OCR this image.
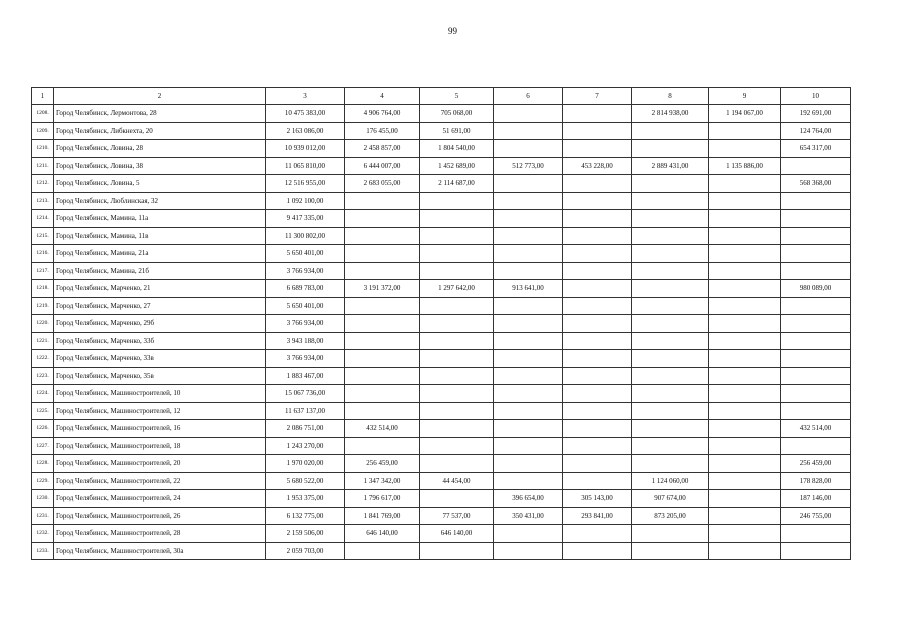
99
1	2	3	4	5	6	7	8	9	10
1208.	Город Челябинск, Лермонтова, 28	10 475 383,00	4 906 764,00	705 068,00			2 814 938,00	1 194 067,00	192 691,00
1209.	Город Челябинск, Либкнехта, 20	2 163 086,00	176 455,00	51 691,00					124 764,00
1210.	Город Челябинск, Ловина, 28	10 939 012,00	2 458 857,00	1 804 540,00					654 317,00
1211.	Город Челябинск, Ловина, 38	11 065 810,00	6 444 007,00	1 452 689,00	512 773,00	453 228,00	2 889 431,00	1 135 886,00	
1212.	Город Челябинск, Ловина, 5	12 516 955,00	2 683 055,00	2 114 687,00					568 368,00
1213.	Город Челябинск, Люблинская, 32	1 092 100,00							
1214.	Город Челябинск, Мамина, 11а	9 417 335,00							
1215.	Город Челябинск, Мамина, 11в	11 300 802,00							
1216.	Город Челябинск, Мамина, 21а	5 650 401,00							
1217.	Город Челябинск, Мамина, 21б	3 766 934,00							
1218.	Город Челябинск, Марченко, 21	6 689 783,00	3 191 372,00	1 297 642,00	913 641,00				980 089,00
1219.	Город Челябинск, Марченко, 27	5 650 401,00							
1220.	Город Челябинск, Марченко, 29б	3 766 934,00							
1221.	Город Челябинск, Марченко, 33б	3 943 188,00							
1222.	Город Челябинск, Марченко, 33в	3 766 934,00							
1223.	Город Челябинск, Марченко, 35в	1 883 467,00							
1224.	Город Челябинск, Машиностроителей, 10	15 067 736,00							
1225.	Город Челябинск, Машиностроителей, 12	11 637 137,00							
1226.	Город Челябинск, Машиностроителей, 16	2 086 751,00	432 514,00						432 514,00
1227.	Город Челябинск, Машиностроителей, 18	1 243 270,00							
1228.	Город Челябинск, Машиностроителей, 20	1 970 020,00	256 459,00						256 459,00
1229.	Город Челябинск, Машиностроителей, 22	5 680 522,00	1 347 342,00	44 454,00			1 124 060,00		178 828,00
1230.	Город Челябинск, Машиностроителей, 24	1 953 375,00	1 796 617,00		396 654,00	305 143,00	907 674,00		187 146,00
1231.	Город Челябинск, Машиностроителей, 26	6 132 775,00	1 841 769,00	77 537,00	350 431,00	293 841,00	873 205,00		246 755,00
1232.	Город Челябинск, Машиностроителей, 28	2 159 506,00	646 140,00	646 140,00					
1233.	Город Челябинск, Машиностроителей, 30а	2 059 703,00							
